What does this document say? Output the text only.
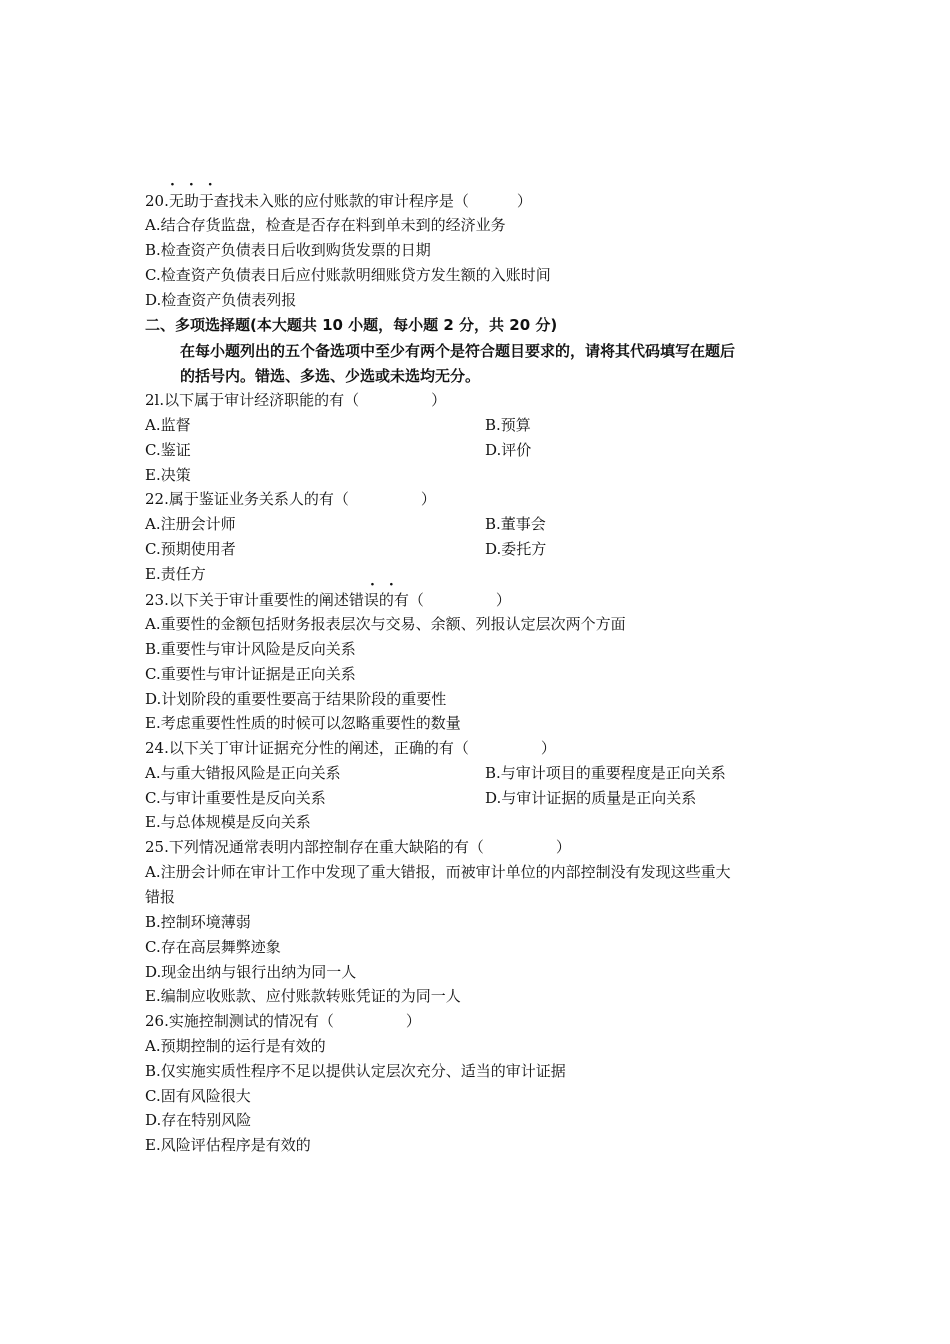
···
20.无助于查找未入账的应付账款的审计程序是（	）
A.结合存货监盘，检查是否存在料到单未到的经济业务
B.检查资产负债表日后收到购货发票的日期
C.检查资产负债表日后应付账款明细账贷方发生额的入账时间
D.检查资产负债表列报
二、多项选择题(本大题共 10 小题，每小题 2 分，共 20 分)
在每小题列出的五个备选项中至少有两个是符合题目要求的，请将其代码填写在题后
的括号内。错选、多选、少选或未选均无分。
2l.以下属于审计经济职能的有（	）
A.监督	B.预算
C.鉴证	D.评价
E.决策
22.属于鉴证业务关系人的有（	）
A.注册会计师	B.董事会
C.预期使用者	D.委托方
E.责任方
··
23.以下关于审计重要性的阐述错误的有（	）
A.重要性的金额包括财务报表层次与交易、余额、列报认定层次两个方面
B.重要性与审计风险是反向关系
C.重要性与审计证据是正向关系
D.计划阶段的重要性要高于结果阶段的重要性
E.考虑重要性性质的时候可以忽略重要性的数量
24.以下关丁审计证据充分性的阐述，正确的有（	）
A.与重大错报风险是正向关系	B.与审计项目的重要程度是正向关系
C.与审计重要性是反向关系	D.与审计证据的质量是正向关系
E.与总体规模是反向关系
25.下列情况通常表明内部控制存在重大缺陷的有（	）
A.注册会计师在审计工作中发现了重大错报，而被审计单位的内部控制没有发现这些重大
错报
B.控制环境薄弱
C.存在高层舞弊迹象
D.现金出纳与银行出纳为同一人
E.编制应收账款、应付账款转账凭证的为同一人
26.实施控制测试的情况有（	）
A.预期控制的运行是有效的
B.仅实施实质性程序不足以提供认定层次充分、适当的审计证据
C.固有风险很大
D.存在特别风险
E.风险评估程序是有效的
